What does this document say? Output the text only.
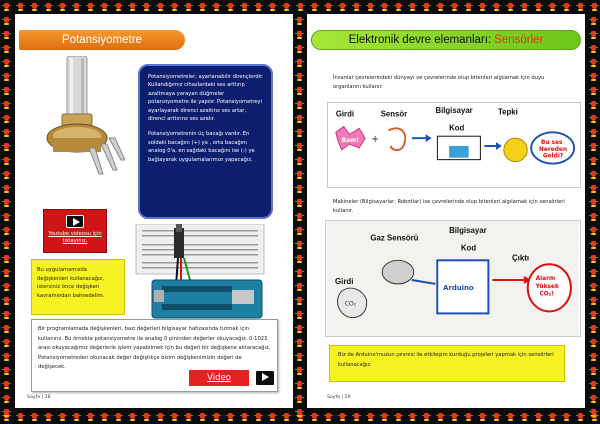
Potansiyometre

Potansiyometreler, ayarlanabilir dirençlerdir. Kullandığımız cihazlardaki ses arttırıp azaltmaya yarayan düğmeler potansiyometre ile yapılır. Potansiyometreyi ayarlayarak direnci azaltırız ses artar, direnci arttırırız ses azalır.

Potansiyometrenin üç bacağı vardır. En soldaki bacağını (+) ya , orta bacağını analog 0'a, en sağdaki bacağını ise (-) ye bağlayarak uygulamalarımızı yapacağız.

Youtube videosu için tıklayınız.
Bu uygulamamızda değişkenleri kullanacağız, istersiniz önce değişken kavramından bahsedelim.
Bir programlamada değişkenleri, bazı değerleri bilgisayar hafızasında tutmak için kullanırız. Bu örnekte potansiyometre ile analog 0 pininden değerler okuyacağız. 0-1023 arası okuyacağımız değerlerle işlem yapabilmek için bu değeri bir değişkene aktaracağız. Potansiyometreden okunacak değer değiştikçe bizim değişkenimizin değeri de değişecek.
Video
Sayfa | 28
Elektronik devre elemanları: Sensörler
İnsanlar çevrelerindeki dünyayı ve çevrelerinde olup bitenleri algılamak için duyu organlarını kullanır.
Girdi	Sensör	Bilgisayar
Kod
Tepki
Bam! +	Bu ses
Nereden
Geldi?
Makineler (Bilgisayarlar, Robotlar) ise çevrelerinde olup bitenleri algılamak için sensörleri kullanır.
Gaz Sensörü
Bilgisayar
Kod
Çıktı
Girdi
CO₂
Arduino
Alarm
Yüksek
CO₂!
Biz de Arduino'muzun çevresi ile etkileşim kurduğu projeleri yapmak için sensörleri kullanacağız.
Sayfa | 29
